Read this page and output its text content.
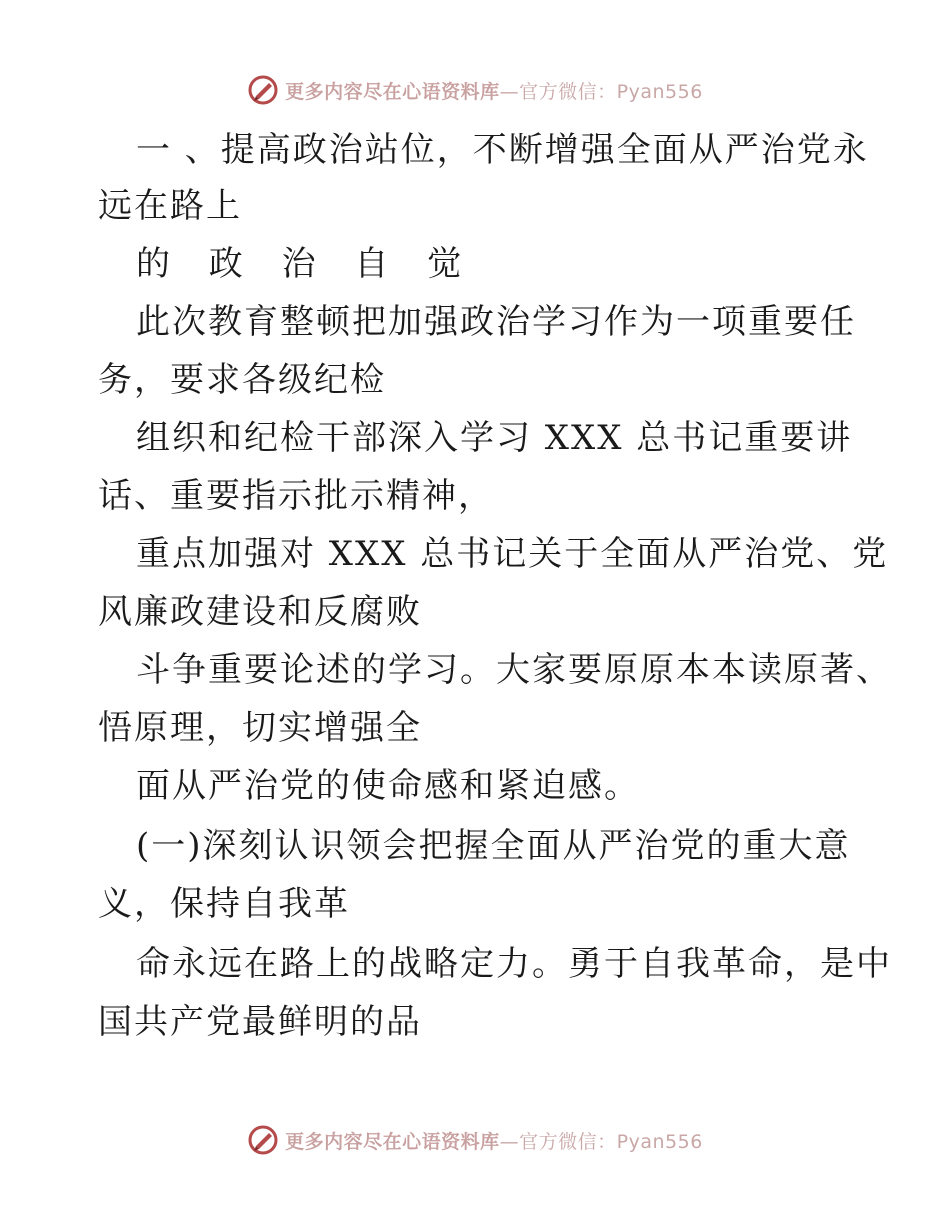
更多内容尽在心语资料库—官方微信：Pyan556
一 、提高政治站位，不断增强全面从严治党永
远在路上
的 政 治 自 觉
此次教育整顿把加强政治学习作为一项重要任
务，要求各级纪检
组织和纪检干部深入学习 XXX 总书记重要讲
话、重要指示批示精神，
重点加强对 XXX 总书记关于全面从严治党、党
风廉政建设和反腐败
斗争重要论述的学习。大家要原原本本读原著、
悟原理，切实增强全
面从严治党的使命感和紧迫感。
(一)深刻认识领会把握全面从严治党的重大意
义，保持自我革
命永远在路上的战略定力。勇于自我革命，是中
国共产党最鲜明的品
更多内容尽在心语资料库—官方微信：Pyan556
